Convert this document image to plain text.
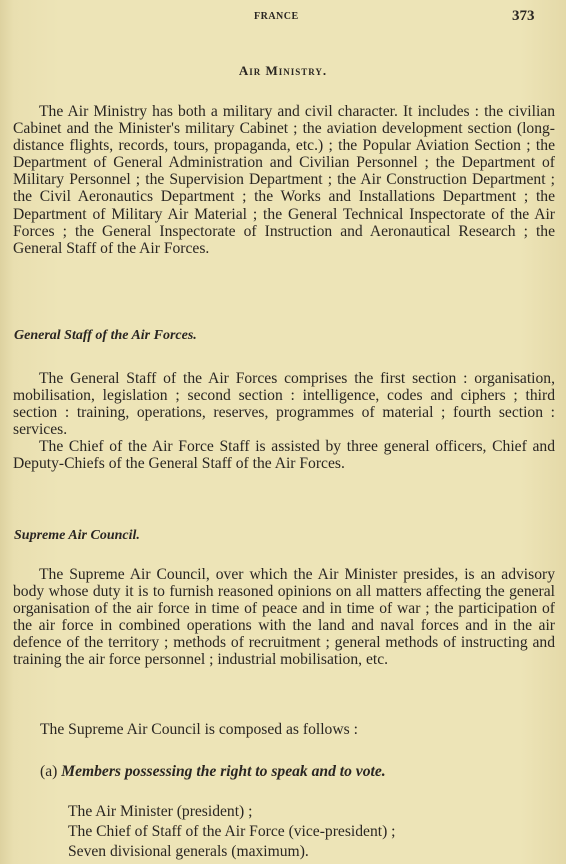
FRANCE	373
Air Ministry.

The Air Ministry has both a military and civil character. It includes : the civilian Cabinet and the Minister's military Cabinet ; the aviation development section (long-distance flights, records, tours, propaganda, etc.) ; the Popular Aviation Section ; the Department of General Administration and Civilian Personnel ; the Department of Military Personnel ; the Supervision Department ; the Air Construction Department ; the Civil Aeronautics Department ; the Works and Installations Department ; the Department of Military Air Material ; the General Technical Inspectorate of the Air Forces ; the General Inspectorate of Instruction and Aeronautical Research ; the General Staff of the Air Forces.

General Staff of the Air Forces.

The General Staff of the Air Forces comprises the first section : organisation, mobilisation, legislation ; second section : intelligence, codes and ciphers ; third section : training, operations, reserves, programmes of material ; fourth section : services.
The Chief of the Air Force Staff is assisted by three general officers, Chief and Deputy-Chiefs of the General Staff of the Air Forces.

Supreme Air Council.

The Supreme Air Council, over which the Air Minister presides, is an advisory body whose duty it is to furnish reasoned opinions on all matters affecting the general organisation of the air force in time of peace and in time of war ; the participation of the air force in combined operations with the land and naval forces and in the air defence of the territory ; methods of recruitment ; general methods of instructing and training the air force personnel ; industrial mobilisation, etc.

The Supreme Air Council is composed as follows :

(a) Members possessing the right to speak and to vote.

The Air Minister (president) ;
The Chief of Staff of the Air Force (vice-president) ;
Seven divisional generals (maximum).
